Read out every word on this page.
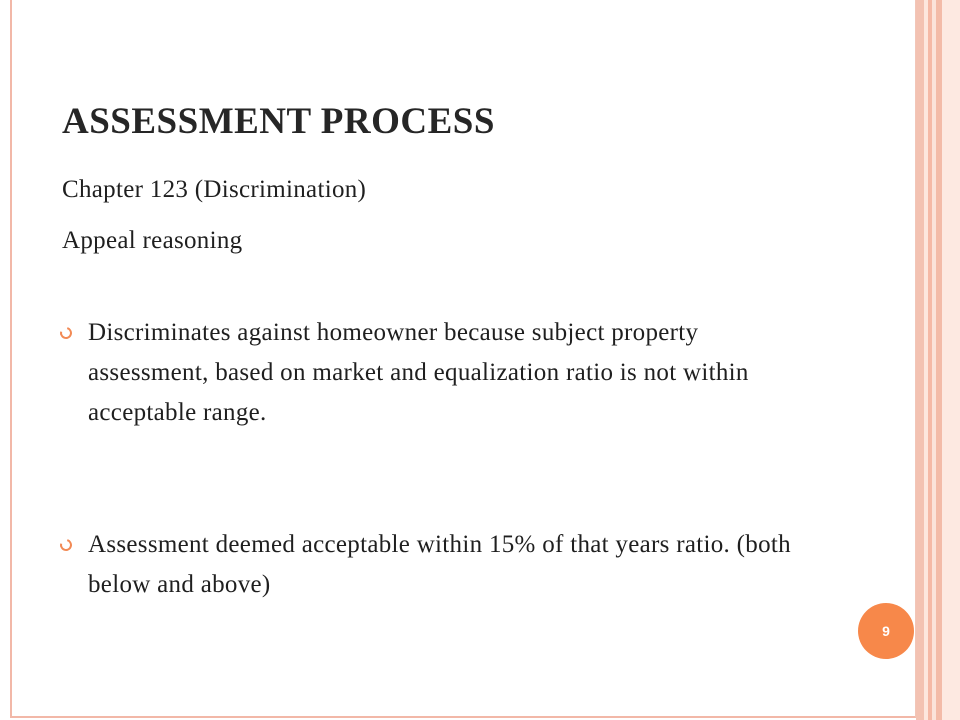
ASSESSMENT PROCESS

Chapter 123 (Discrimination)

Appeal reasoning

Discriminates against homeowner because subject property assessment, based on market and equalization ratio is not within acceptable range.

Assessment deemed acceptable within 15% of that years ratio. (both below and above)

9
